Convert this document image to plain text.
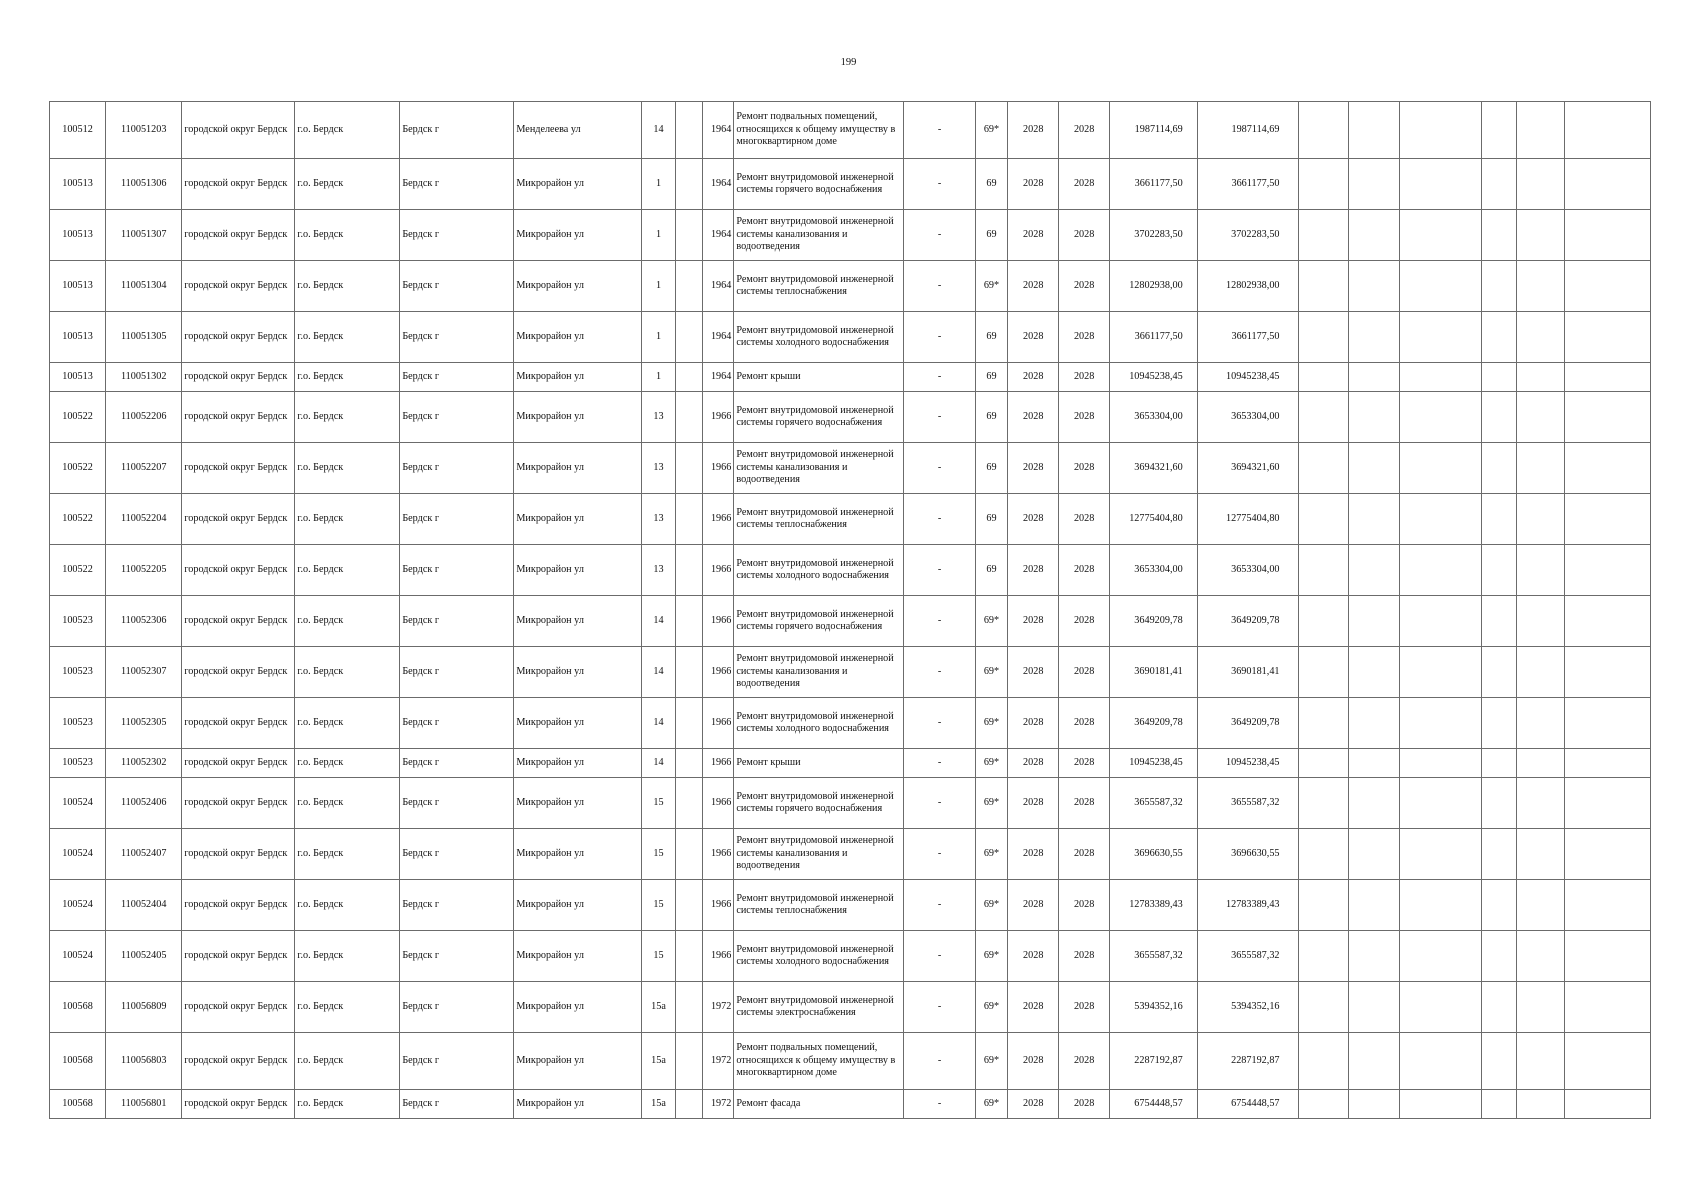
199
100512	110051203	городской округ Бердск	г.о. Бердск	Бердск г	Менделеева ул	14		1964	Ремонт подвальных помещений, относящихся к общему имуществу в многоквартирном доме	-	69*	2028	2028	1987114,69	1987114,69						
100513	110051306	городской округ Бердск	г.о. Бердск	Бердск г	Микрорайон ул	1		1964	Ремонт внутридомовой инженерной системы горячего водоснабжения	-	69	2028	2028	3661177,50	3661177,50						
100513	110051307	городской округ Бердск	г.о. Бердск	Бердск г	Микрорайон ул	1		1964	Ремонт внутридомовой инженерной системы канализования и водоотведения	-	69	2028	2028	3702283,50	3702283,50						
100513	110051304	городской округ Бердск	г.о. Бердск	Бердск г	Микрорайон ул	1		1964	Ремонт внутридомовой инженерной системы теплоснабжения	-	69*	2028	2028	12802938,00	12802938,00						
100513	110051305	городской округ Бердск	г.о. Бердск	Бердск г	Микрорайон ул	1		1964	Ремонт внутридомовой инженерной системы холодного водоснабжения	-	69	2028	2028	3661177,50	3661177,50						
100513	110051302	городской округ Бердск	г.о. Бердск	Бердск г	Микрорайон ул	1		1964	Ремонт крыши	-	69	2028	2028	10945238,45	10945238,45						
100522	110052206	городской округ Бердск	г.о. Бердск	Бердск г	Микрорайон ул	13		1966	Ремонт внутридомовой инженерной системы горячего водоснабжения	-	69	2028	2028	3653304,00	3653304,00						
100522	110052207	городской округ Бердск	г.о. Бердск	Бердск г	Микрорайон ул	13		1966	Ремонт внутридомовой инженерной системы канализования и водоотведения	-	69	2028	2028	3694321,60	3694321,60						
100522	110052204	городской округ Бердск	г.о. Бердск	Бердск г	Микрорайон ул	13		1966	Ремонт внутридомовой инженерной системы теплоснабжения	-	69	2028	2028	12775404,80	12775404,80						
100522	110052205	городской округ Бердск	г.о. Бердск	Бердск г	Микрорайон ул	13		1966	Ремонт внутридомовой инженерной системы холодного водоснабжения	-	69	2028	2028	3653304,00	3653304,00						
100523	110052306	городской округ Бердск	г.о. Бердск	Бердск г	Микрорайон ул	14		1966	Ремонт внутридомовой инженерной системы горячего водоснабжения	-	69*	2028	2028	3649209,78	3649209,78						
100523	110052307	городской округ Бердск	г.о. Бердск	Бердск г	Микрорайон ул	14		1966	Ремонт внутридомовой инженерной системы канализования и водоотведения	-	69*	2028	2028	3690181,41	3690181,41						
100523	110052305	городской округ Бердск	г.о. Бердск	Бердск г	Микрорайон ул	14		1966	Ремонт внутридомовой инженерной системы холодного водоснабжения	-	69*	2028	2028	3649209,78	3649209,78						
100523	110052302	городской округ Бердск	г.о. Бердск	Бердск г	Микрорайон ул	14		1966	Ремонт крыши	-	69*	2028	2028	10945238,45	10945238,45						
100524	110052406	городской округ Бердск	г.о. Бердск	Бердск г	Микрорайон ул	15		1966	Ремонт внутридомовой инженерной системы горячего водоснабжения	-	69*	2028	2028	3655587,32	3655587,32						
100524	110052407	городской округ Бердск	г.о. Бердск	Бердск г	Микрорайон ул	15		1966	Ремонт внутридомовой инженерной системы канализования и водоотведения	-	69*	2028	2028	3696630,55	3696630,55						
100524	110052404	городской округ Бердск	г.о. Бердск	Бердск г	Микрорайон ул	15		1966	Ремонт внутридомовой инженерной системы теплоснабжения	-	69*	2028	2028	12783389,43	12783389,43						
100524	110052405	городской округ Бердск	г.о. Бердск	Бердск г	Микрорайон ул	15		1966	Ремонт внутридомовой инженерной системы холодного водоснабжения	-	69*	2028	2028	3655587,32	3655587,32						
100568	110056809	городской округ Бердск	г.о. Бердск	Бердск г	Микрорайон ул	15а		1972	Ремонт внутридомовой инженерной системы электроснабжения	-	69*	2028	2028	5394352,16	5394352,16						
100568	110056803	городской округ Бердск	г.о. Бердск	Бердск г	Микрорайон ул	15а		1972	Ремонт подвальных помещений, относящихся к общему имуществу в многоквартирном доме	-	69*	2028	2028	2287192,87	2287192,87						
100568	110056801	городской округ Бердск	г.о. Бердск	Бердск г	Микрорайон ул	15а		1972	Ремонт фасада	-	69*	2028	2028	6754448,57	6754448,57						
